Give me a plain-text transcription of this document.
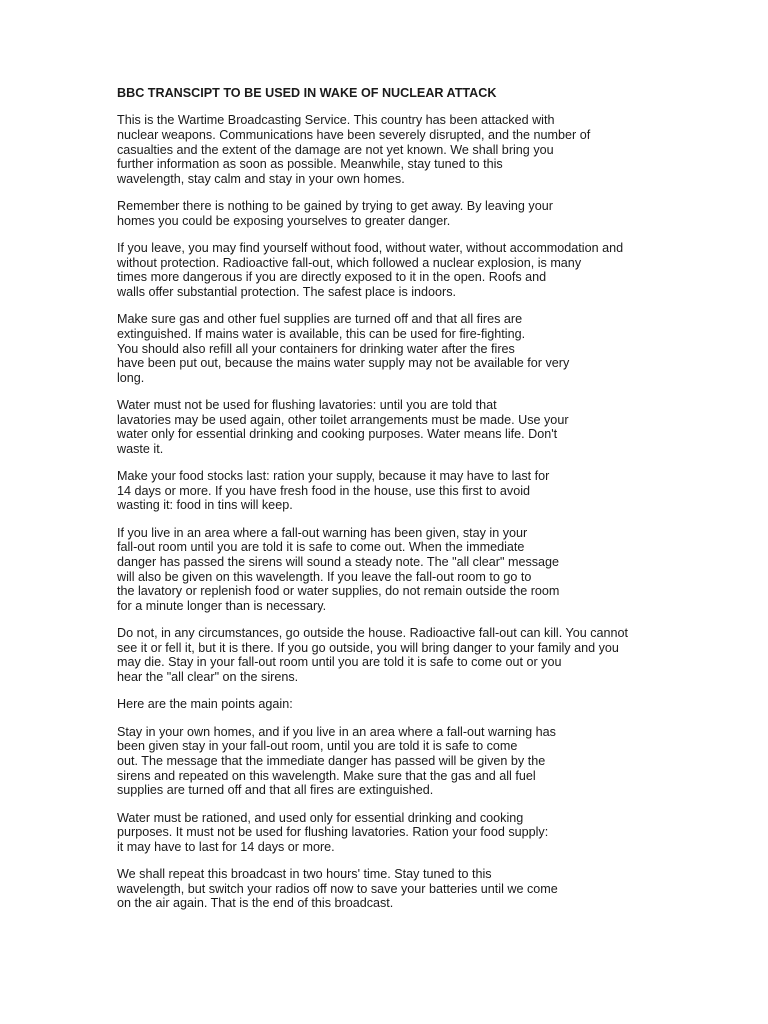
BBC TRANSCIPT TO BE USED IN WAKE OF NUCLEAR ATTACK
This is the Wartime Broadcasting Service. This country has been attacked with
nuclear weapons. Communications have been severely disrupted, and the number of
casualties and the extent of the damage are not yet known. We shall bring you
further information as soon as possible. Meanwhile, stay tuned to this
wavelength, stay calm and stay in your own homes.
Remember there is nothing to be gained by trying to get away. By leaving your
homes you could be exposing yourselves to greater danger.
If you leave, you may find yourself without food, without water, without accommodation and
without protection. Radioactive fall-out, which followed a nuclear explosion, is many
times more dangerous if you are directly exposed to it in the open. Roofs and
walls offer substantial protection. The safest place is indoors.
Make sure gas and other fuel supplies are turned off and that all fires are
extinguished. If mains water is available, this can be used for fire-fighting.
You should also refill all your containers for drinking water after the fires
have been put out, because the mains water supply may not be available for very
long.
Water must not be used for flushing lavatories: until you are told that
lavatories may be used again, other toilet arrangements must be made. Use your
water only for essential drinking and cooking purposes. Water means life. Don't
waste it.
Make your food stocks last: ration your supply, because it may have to last for
14 days or more. If you have fresh food in the house, use this first to avoid
wasting it: food in tins will keep.
If you live in an area where a fall-out warning has been given, stay in your
fall-out room until you are told it is safe to come out. When the immediate
danger has passed the sirens will sound a steady note. The "all clear" message
will also be given on this wavelength. If you leave the fall-out room to go to
the lavatory or replenish food or water supplies, do not remain outside the room
for a minute longer than is necessary.
Do not, in any circumstances, go outside the house. Radioactive fall-out can kill. You cannot
see it or fell it, but it is there. If you go outside, you will bring danger to your family and you
may die. Stay in your fall-out room until you are told it is safe to come out or you
hear the "all clear" on the sirens.
Here are the main points again:
Stay in your own homes, and if you live in an area where a fall-out warning has
been given stay in your fall-out room, until you are told it is safe to come
out. The message that the immediate danger has passed will be given by the
sirens and repeated on this wavelength. Make sure that the gas and all fuel
supplies are turned off and that all fires are extinguished.
Water must be rationed, and used only for essential drinking and cooking
purposes. It must not be used for flushing lavatories. Ration your food supply:
it may have to last for 14 days or more.
We shall repeat this broadcast in two hours' time. Stay tuned to this
wavelength, but switch your radios off now to save your batteries until we come
on the air again. That is the end of this broadcast.
